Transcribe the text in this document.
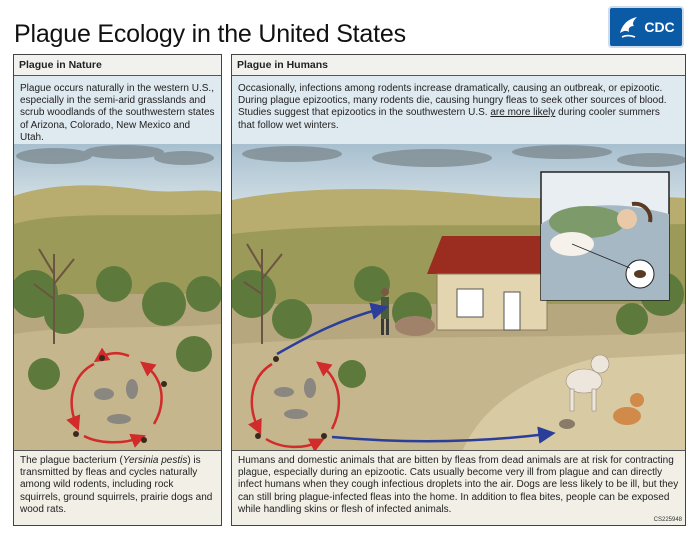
Plague Ecology in the United States	CDC
Plague in Nature
Plague occurs naturally in the western U.S., especially in the semi-arid grasslands and scrub woodlands of the southwestern states of Arizona, Colorado, New Mexico and Utah.
The plague bacterium (Yersinia pestis) is transmitted by fleas and cycles naturally among wild rodents, including rock squirrels, ground squirrels, prairie dogs and wood rats.
Plague in Humans
Occasionally, infections among rodents increase dramatically, causing an outbreak, or epizootic. During plague epizootics, many rodents die, causing hungry fleas to seek other sources of blood. Studies suggest that epizootics in the southwestern U.S. are more likely during cooler summers that follow wet winters.
Humans and domestic animals that are bitten by fleas from dead animals are at risk for contracting plague, especially during an epizootic. Cats usually become very ill from plague and can directly infect humans when they cough infectious droplets into the air. Dogs are less likely to be ill, but they can still bring plague-infected fleas into the home. In addition to flea bites, people can be exposed while handling skins or flesh of infected animals.
CS225948
